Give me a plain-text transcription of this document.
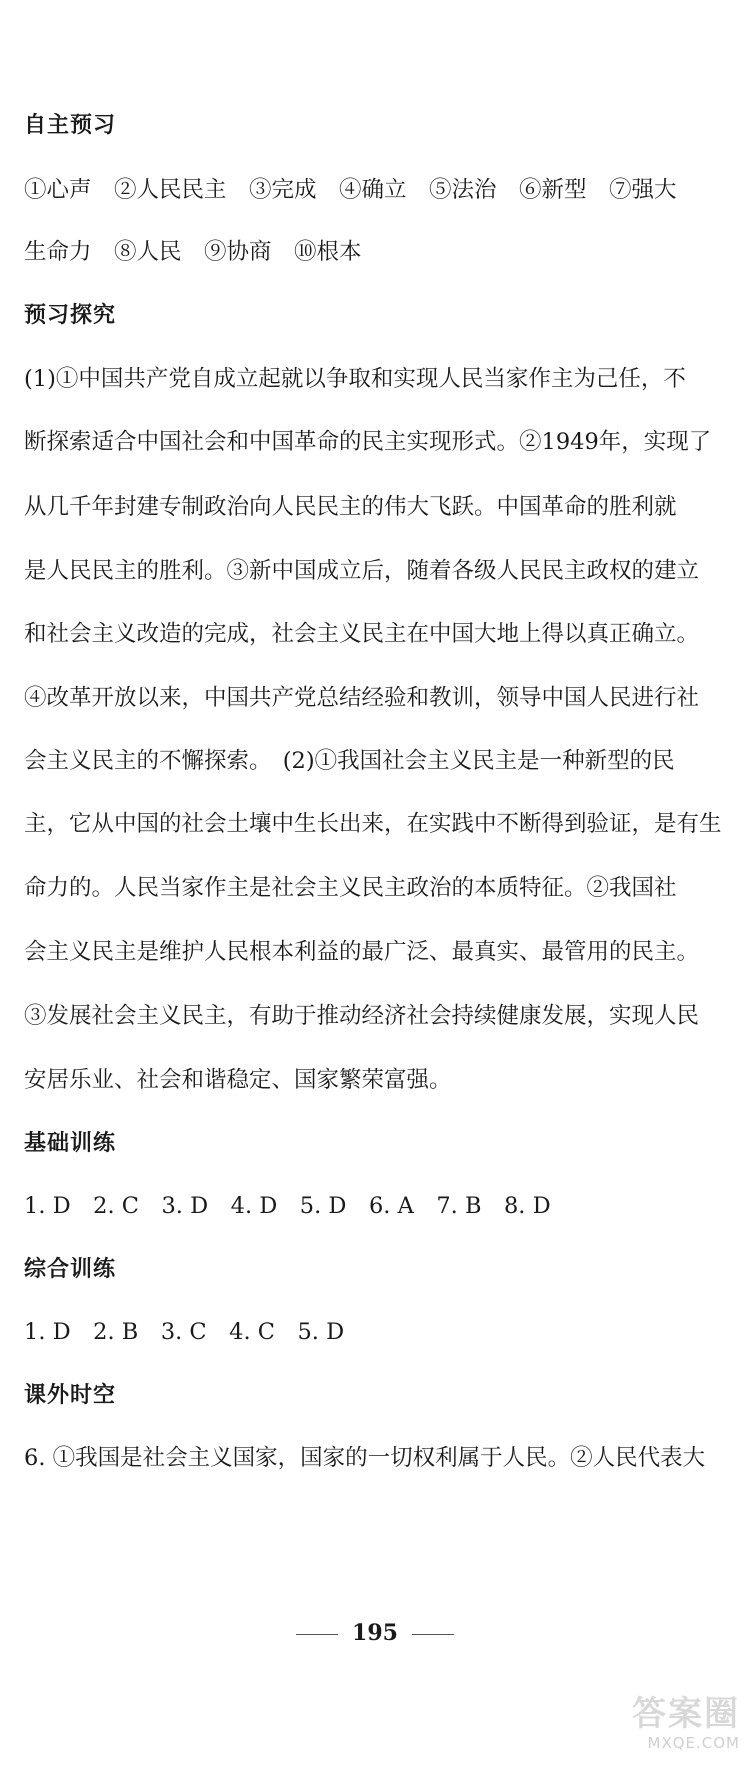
自主预习
①心声　②人民民主　③完成　④确立　⑤法治　⑥新型　⑦强大
生命力　⑧人民　⑨协商　⑩根本
预习探究
(1)①中国共产党自成立起就以争取和实现人民当家作主为己任，不
断探索适合中国社会和中国革命的民主实现形式。②1949年，实现了
从几千年封建专制政治向人民民主的伟大飞跃。中国革命的胜利就
是人民民主的胜利。③新中国成立后，随着各级人民民主政权的建立
和社会主义改造的完成，社会主义民主在中国大地上得以真正确立。
④改革开放以来，中国共产党总结经验和教训，领导中国人民进行社
会主义民主的不懈探索。　(2)①我国社会主义民主是一种新型的民
主，它从中国的社会土壤中生长出来，在实践中不断得到验证，是有生
命力的。人民当家作主是社会主义民主政治的本质特征。②我国社
会主义民主是维护人民根本利益的最广泛、最真实、最管用的民主。
③发展社会主义民主，有助于推动经济社会持续健康发展，实现人民
安居乐业、社会和谐稳定、国家繁荣富强。
基础训练
1. D　2. C　3. D　4. D　5. D　6. A　7. B　8. D
综合训练
1. D　2. B　3. C　4. C　5. D
课外时空
6. ①我国是社会主义国家，国家的一切权利属于人民。②人民代表大
195
答案圈
MXQE.COM
